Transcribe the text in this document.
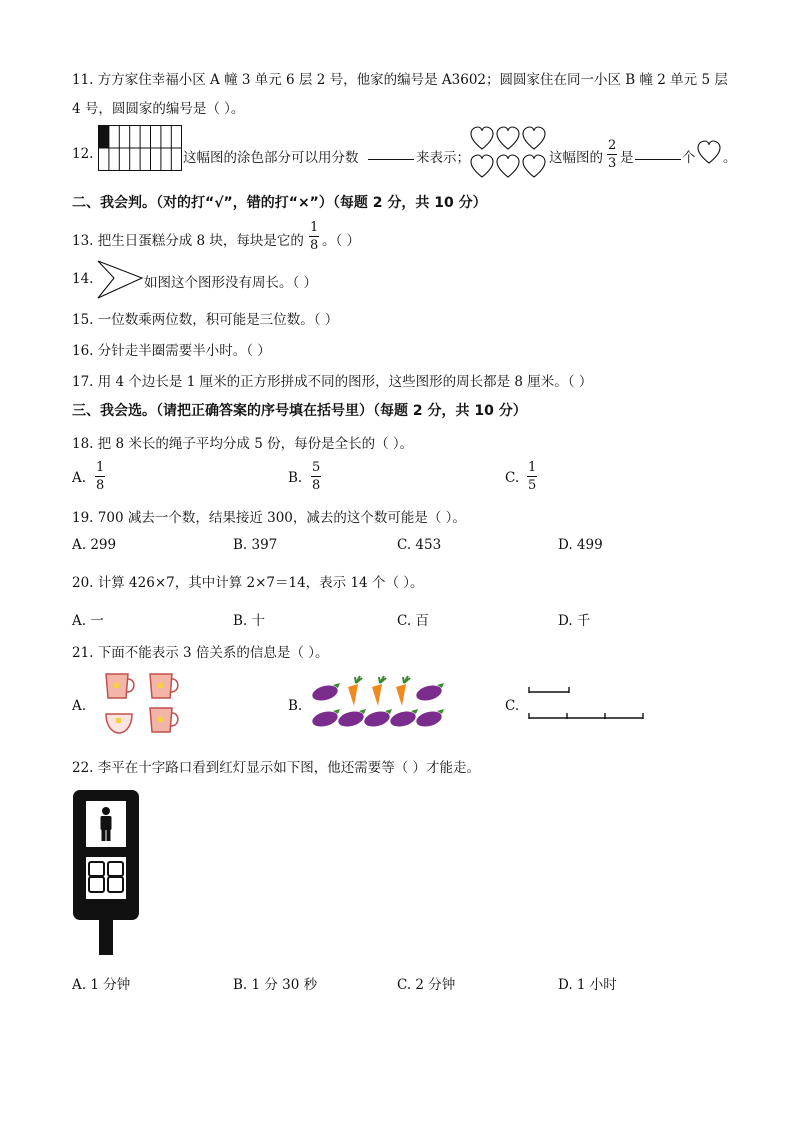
11. 方方家住幸福小区 A 幢 3 单元 6 层 2 号，他家的编号是 A3602；圆圆家住在同一小区 B 幢 2 单元 5 层
4 号，圆圆家的编号是（ ）。
12.	这幅图的涂色部分可以用分数	来表示；	这幅图的 $\frac{2}{3}$ 是	个 。
二、我会判。（对的打“√”，错的打“×”）（每题 2 分，共 10 分）
13. 把生日蛋糕分成 8 块，每块是它的 $\frac{1}{8}$ 。（ ）
14.	如图这个图形没有周长。（ ）
15. 一位数乘两位数，积可能是三位数。（ ）
16. 分针走半圈需要半小时。（ ）
17. 用 4 个边长是 1 厘米的正方形拼成不同的图形，这些图形的周长都是 8 厘米。（ ）
三、我会选。（请把正确答案的序号填在括号里）（每题 2 分，共 10 分）
18. 把 8 米长的绳子平均分成 5 份，每份是全长的（ ）。
A. $\frac{1}{8}$	B. $\frac{5}{8}$	C. $\frac{1}{5}$
19. 700 减去一个数，结果接近 300，减去的这个数可能是（ ）。
A. 299	B. 397	C. 453	D. 499
20. 计算 426×7，其中计算 2×7＝14，表示 14 个（ ）。
A. 一	B. 十	C. 百	D. 千
21. 下面不能表示 3 倍关系的信息是（ ）。
A.	B.	C.
22. 李平在十字路口看到红灯显示如下图，他还需要等（ ）才能走。
A. 1 分钟	B. 1 分 30 秒	C. 2 分钟	D. 1 小时
